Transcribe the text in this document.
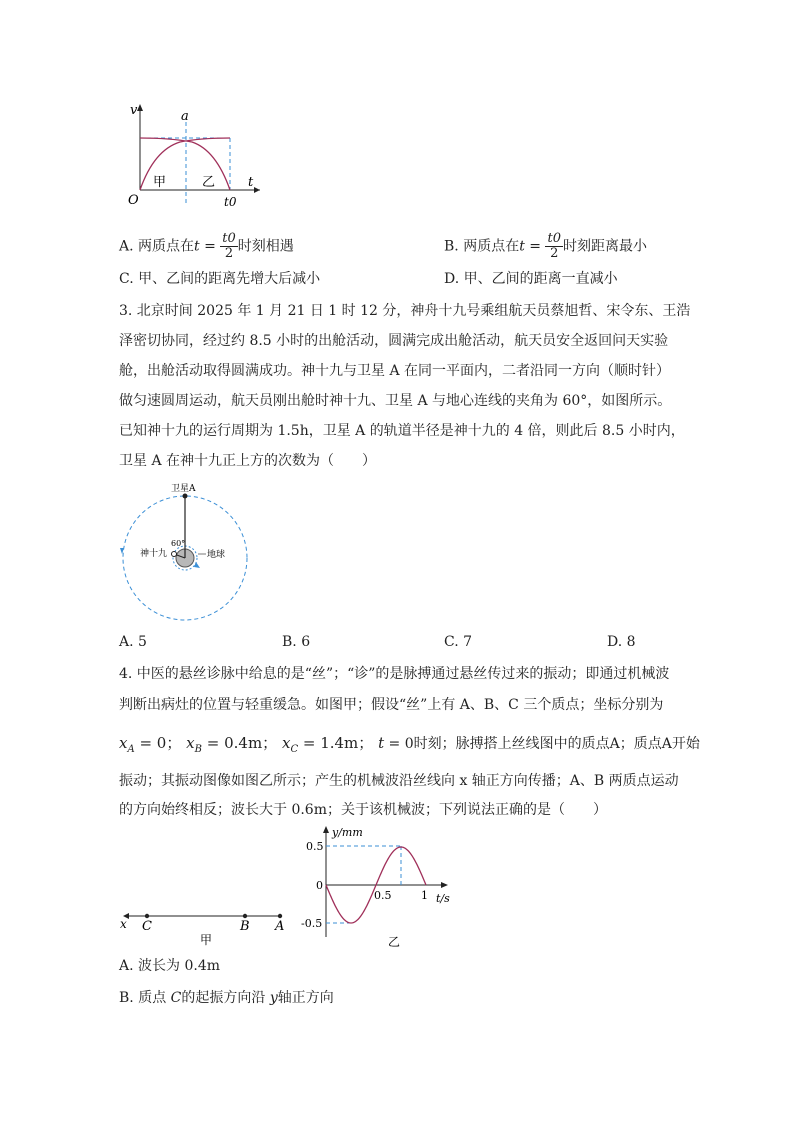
v
t
O
a
甲	乙
t0
A. 两质点在$t = \frac{t0}{2}$ 时刻相遇	B. 两质点在$t = \frac{t0}{2}$ 时刻距离最小
C. 甲、乙间的距离先增大后减小	D. 甲、乙间的距离一直减小
3. 北京时间 2025 年 1 月 21 日 1 时 12 分，神舟十九号乘组航天员蔡旭哲、宋令东、王浩
泽密切协同，经过约 8.5 小时的出舱活动，圆满完成出舱活动，航天员安全返回问天实验
舱，出舱活动取得圆满成功。神十九与卫星 A 在同一平面内，二者沿同一方向（顺时针）
做匀速圆周运动，航天员刚出舱时神十九、卫星 A 与地心连线的夹角为 60°，如图所示。
已知神十九的运行周期为 1.5h，卫星 A 的轨道半径是神十九的 4 倍，则此后 8.5 小时内，
卫星 A 在神十九正上方的次数为（　　）
卫星A
60°
神十九	地球
A. 5	B. 6	C. 7	D. 8
4. 中医的悬丝诊脉中给息的是“丝”；“诊”的是脉搏通过悬丝传过来的振动；即通过机械波
判断出病灶的位置与轻重缓急。如图甲；假设“丝”上有 A、B、C 三个质点；坐标分别为
$x_A = 0$； $x_B = 0.4m$； $x_C = 1.4m$； t = 0时刻；脉搏搭上丝线图中的质点A；质点A开始
振动；其振动图像如图乙所示；产生的机械波沿丝线向 x 轴正方向传播；A、B 两质点运动
的方向始终相反；波长大于 0.6m；关于该机械波；下列说法正确的是（　　）
x C	B A
甲
y/mm
t/s
0.5
0
-0.5
0.5	1
乙
A. 波长为 0.4m
B. 质点 C的起振方向沿 y轴正方向
